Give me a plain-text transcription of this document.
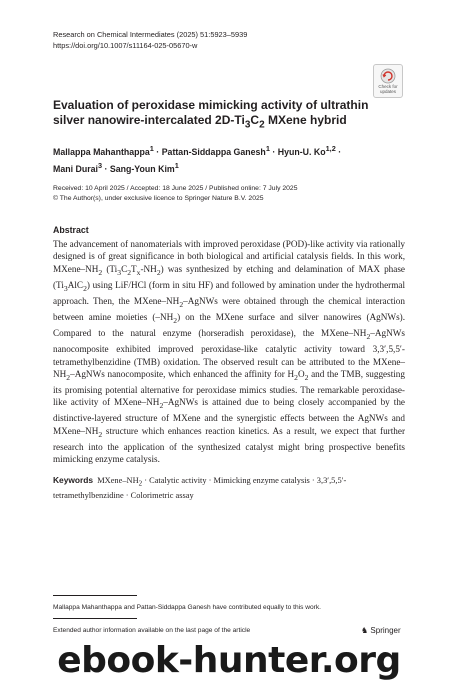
Research on Chemical Intermediates (2025) 51:5923–5939
https://doi.org/10.1007/s11164-025-05670-w
Check for
updates
Evaluation of peroxidase mimicking activity of ultrathin silver nanowire-intercalated $2D-Ti_3C_2$ MXene hybrid
Mallappa Mahanthappa$^1$ · Pattan-Siddappa Ganesh$^1$ · Hyun-U. Ko$^{1,2}$ ·
Mani Durai$^3$ · Sang-Youn Kim$^1$
Received: 10 April 2025 / Accepted: 18 June 2025 / Published online: 7 July 2025
© The Author(s), under exclusive licence to Springer Nature B.V. 2025
Abstract

The advancement of nanomaterials with improved peroxidase (POD)-like activity via rationally designed is of great significance in both biological and artificial catalysis fields. In this work, MXene–$NH_2$ $(Ti_3C_2T_x-NH_2)$ was synthesized by etching and delamination of MAX phase $(Ti_3AlC_2)$ using LiF/HCl (form in situ HF) and followed by amination under the hydrothermal approach. Then, the MXene–$NH_2$–AgNWs were obtained through the chemical interaction between amine moieties $(-NH_2)$ on the MXene surface and silver nanowires (AgNWs). Compared to the natural enzyme (horseradish peroxidase), the MXene–$NH_2$–AgNWs nanocomposite exhibited improved peroxidase-like catalytic activity toward 3,3′,5,5′-tetramethylbenzidine (TMB) oxidation. The observed result can be attributed to the MXene–$NH_2$–AgNWs nanocomposite, which enhanced the affinity for $H_2O_2$ and the TMB, suggesting its promising potential alternative for peroxidase mimics studies. The remarkable peroxidase-like activity of MXene–$NH_2$–AgNWs is attained due to being closely accompanied by the distinctive-layered structure of MXene and the synergistic effects between the AgNWs and MXene–$NH_2$ structure which enhances reaction kinetics. As a result, we expect that further research into the application of the synthesized catalyst might bring prospective benefits mimicking enzyme catalysis.

Keywords MXene–$NH_2$ · Catalytic activity · Mimicking enzyme catalysis · 3,3′,5,5′-tetramethylbenzidine · Colorimetric assay
Mallappa Mahanthappa and Pattan-Siddappa Ganesh have contributed equally to this work.
Extended author information available on the last page of the article	♞ Springer
ebook-hunter.org
